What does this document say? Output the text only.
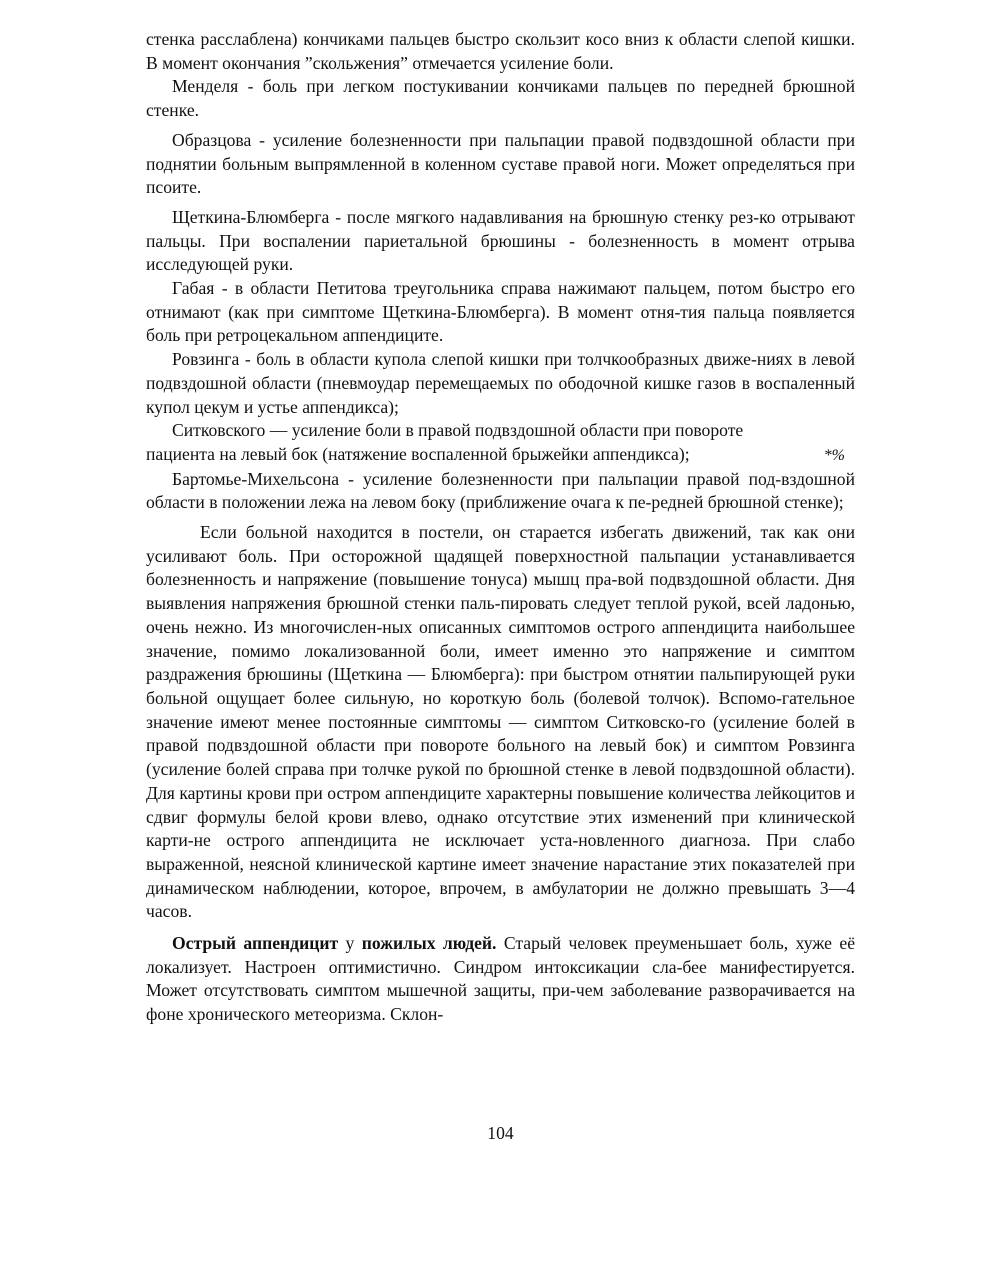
стенка расслаблена) кончиками пальцев быстро скользит косо вниз к области слепой кишки. В момент окончания ”скольжения” отмечается усиление боли.

Менделя - боль при легком постукивании кончиками пальцев по передней брюшной стенке.

Образцова - усиление болезненности при пальпации правой подвздошной области при поднятии больным выпрямленной в коленном суставе правой ноги. Может определяться при псоите.

Щеткина-Блюмберга - после мягкого надавливания на брюшную стенку рез-ко отрывают пальцы. При воспалении париетальной брюшины - болезненность в момент отрыва исследующей руки.

Габая - в области Петитова треугольника справа нажимают пальцем, потом быстро его отнимают (как при симптоме Щеткина-Блюмберга). В момент отня-тия пальца появляется боль при ретроцекальном аппендиците.

Ровзинга - боль в области купола слепой кишки при толчкообразных движе-ниях в левой подвздошной области (пневмоудар перемещаемых по ободочной кишке газов в воспаленный купол цекум и устье аппендикса);

Ситковского — усиление боли в правой подвздошной области при повороте
пациента на левый бок (натяжение воспаленной брыжейки аппендикса);	*%

Бартомье-Михельсона - усиление болезненности при пальпации правой под-вздошной области в положении лежа на левом боку (приближение очага к пе-редней брюшной стенке);

Если больной находится в постели, он старается избегать движений, так как они усиливают боль. При осторожной щадящей поверхностной пальпации устанавливается болезненность и напряжение (повышение тонуса) мышц пра-вой подвздошной области. Дня выявления напряжения брюшной стенки паль-пировать следует теплой рукой, всей ладонью, очень нежно. Из многочислен-ных описанных симптомов острого аппендицита наибольшее значение, помимо локализованной боли, имеет именно это напряжение и симптом раздражения брюшины (Щеткина — Блюмберга): при быстром отнятии пальпирующей руки больной ощущает более сильную, но короткую боль (болевой толчок). Вспомо-гательное значение имеют менее постоянные симптомы — симптом Ситковско-го (усиление болей в правой подвздошной области при повороте больного на левый бок) и симптом Ровзинга (усиление болей справа при толчке рукой по брюшной стенке в левой подвздошной области). Для картины крови при остром аппендиците характерны повышение количества лейкоцитов и сдвиг формулы белой крови влево, однако отсутствие этих изменений при клинической карти-не острого аппендицита не исключает уста-новленного диагноза. При слабо выраженной, неясной клинической картине имеет значение нарастание этих показателей при динамическом наблюдении, которое, впрочем, в амбулатории не должно превышать 3—4 часов.

Острый аппендицит у пожилых людей. Старый человек преуменьшает боль, хуже её локализует. Настроен оптимистично. Синдром интоксикации сла-бее манифестируется. Может отсутствовать симптом мышечной защиты, при-чем заболевание разворачивается на фоне хронического метеоризма. Склон-

104
